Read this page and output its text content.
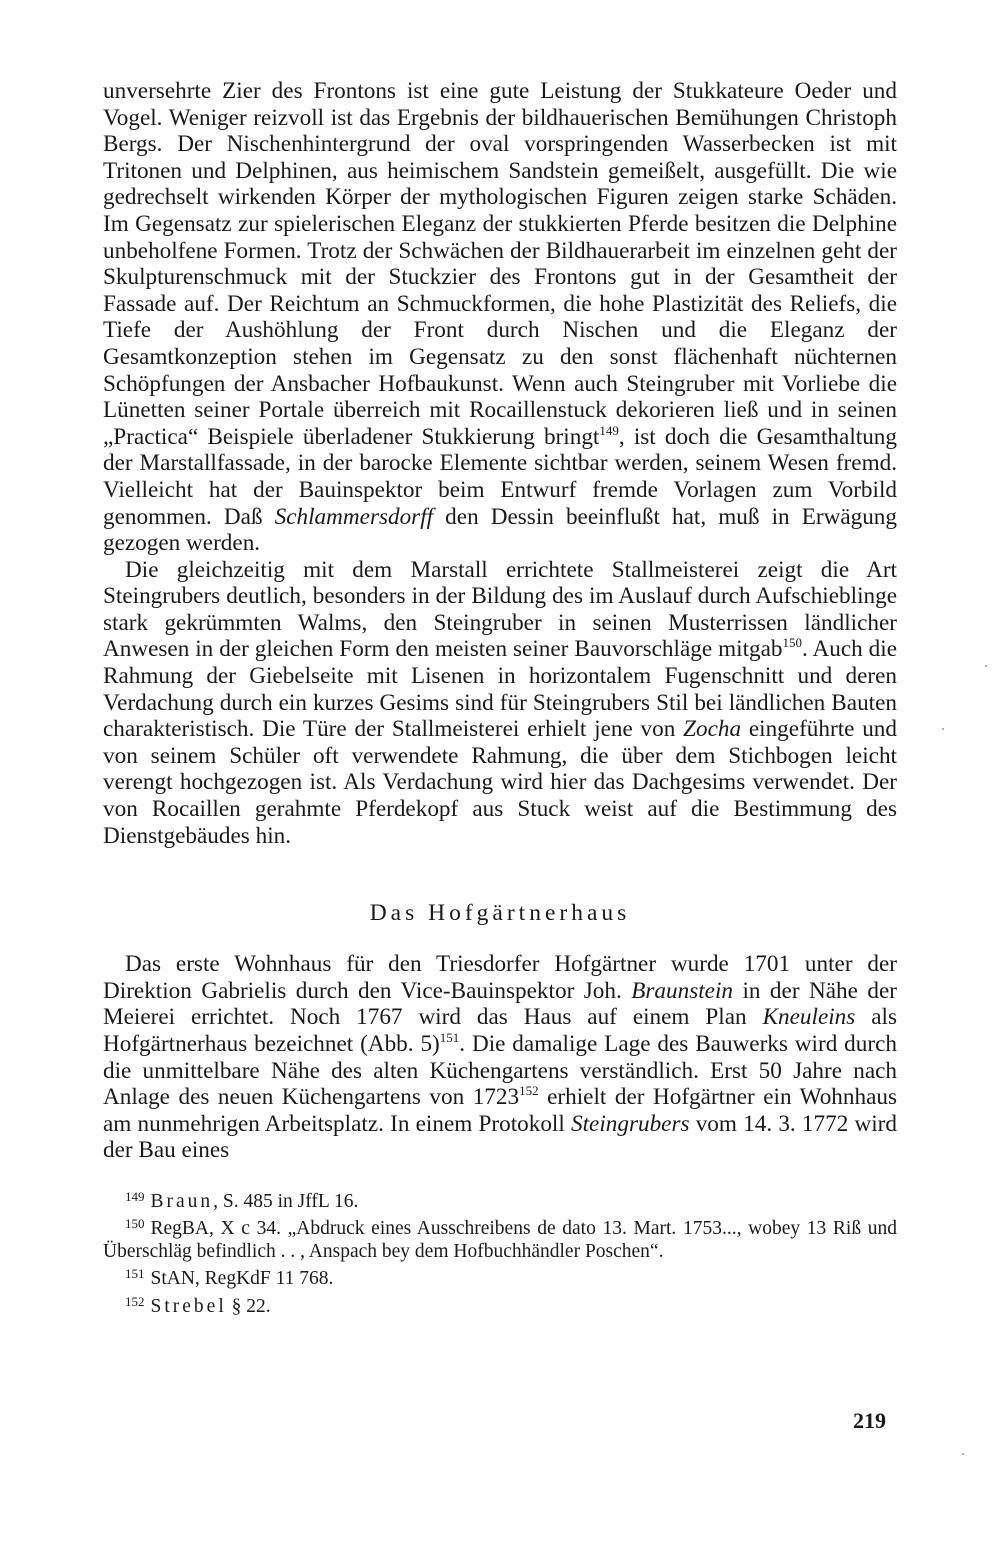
unversehrte Zier des Frontons ist eine gute Leistung der Stukkateure Oeder und Vogel. Weniger reizvoll ist das Ergebnis der bildhauerischen Bemühungen Christoph Bergs. Der Nischenhintergrund der oval vorspringenden Wasserbecken ist mit Tritonen und Delphinen, aus heimischem Sandstein gemeißelt, ausgefüllt. Die wie gedrechselt wirkenden Körper der mythologischen Figuren zeigen starke Schäden. Im Gegensatz zur spielerischen Eleganz der stukkierten Pferde besitzen die Delphine unbeholfene Formen. Trotz der Schwächen der Bildhauerarbeit im einzelnen geht der Skulpturenschmuck mit der Stuckzier des Frontons gut in der Gesamtheit der Fassade auf. Der Reichtum an Schmuckformen, die hohe Plastizität des Reliefs, die Tiefe der Aushöhlung der Front durch Nischen und die Eleganz der Gesamtkonzeption stehen im Gegensatz zu den sonst flächenhaft nüchternen Schöpfungen der Ansbacher Hofbaukunst. Wenn auch Steingruber mit Vorliebe die Lünetten seiner Portale überreich mit Rocaillenstuck dekorieren ließ und in seinen „Practica“ Beispiele überladener Stukkierung bringt$^{149}$, ist doch die Gesamthaltung der Marstallfassade, in der barocke Elemente sichtbar werden, seinem Wesen fremd. Vielleicht hat der Bauinspektor beim Entwurf fremde Vorlagen zum Vorbild genommen. Daß Schlammersdorff den Dessin beeinflußt hat, muß in Erwägung gezogen werden.

Die gleichzeitig mit dem Marstall errichtete Stallmeisterei zeigt die Art Steingrubers deutlich, besonders in der Bildung des im Auslauf durch Aufschieblinge stark gekrümmten Walms, den Steingruber in seinen Musterrissen ländlicher Anwesen in der gleichen Form den meisten seiner Bauvorschläge mitgab$^{150}$. Auch die Rahmung der Giebelseite mit Lisenen in horizontalem Fugenschnitt und deren Verdachung durch ein kurzes Gesims sind für Steingrubers Stil bei ländlichen Bauten charakteristisch. Die Türe der Stallmeisterei erhielt jene von Zocha eingeführte und von seinem Schüler oft verwendete Rahmung, die über dem Stichbogen leicht verengt hochgezogen ist. Als Verdachung wird hier das Dachgesims verwendet. Der von Rocaillen gerahmte Pferdekopf aus Stuck weist auf die Bestimmung des Dienstgebäudes hin.

Das Hofgärtnerhaus

Das erste Wohnhaus für den Triesdorfer Hofgärtner wurde 1701 unter der Direktion Gabrielis durch den Vice-Bauinspektor Joh. Braunstein in der Nähe der Meierei errichtet. Noch 1767 wird das Haus auf einem Plan Kneuleins als Hofgärtnerhaus bezeichnet (Abb. 5)$^{151}$. Die damalige Lage des Bauwerks wird durch die unmittelbare Nähe des alten Küchengartens verständlich. Erst 50 Jahre nach Anlage des neuen Küchengartens von 1723$^{152}$ erhielt der Hofgärtner ein Wohnhaus am nunmehrigen Arbeitsplatz. In einem Protokoll Steingrubers vom 14. 3. 1772 wird der Bau eines

$^{149}$ Braun, S. 485 in JffL 16.

$^{150}$ RegBA, X c 34. „Abdruck eines Ausschreibens de dato 13. Mart. 1753..., wobey 13 Riß und Überschläg befindlich . . , Anspach bey dem Hofbuchhändler Poschen“.

$^{151}$ StAN, RegKdF 11 768.

$^{152}$ Strebel § 22.

219
